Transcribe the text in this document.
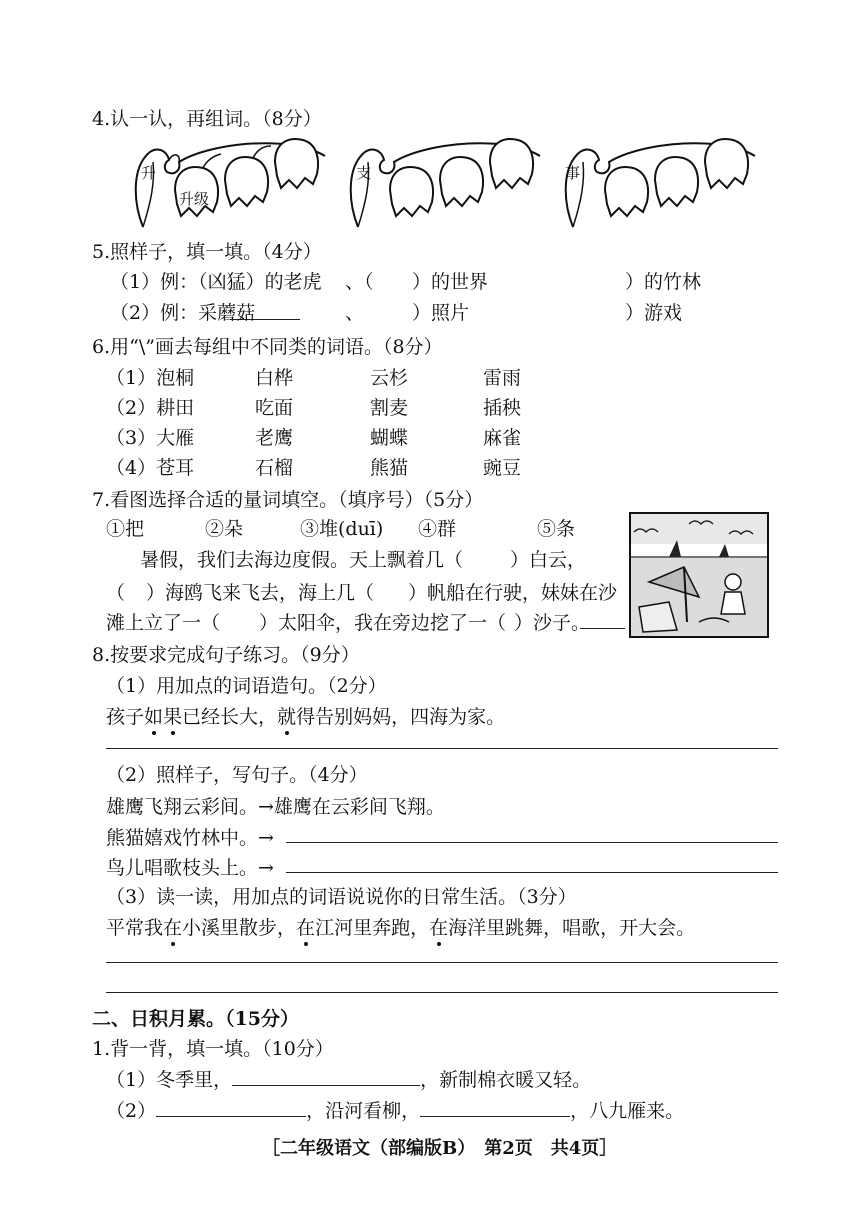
4.认一认，再组词。（8分）
升
升级
支	事
5.照样子，填一填。（4分）
（1）例：（凶猛）的老虎 、（ ）的世界	）的竹林
（2）例：采蘑菇	、	）照片	）游戏
6.用“\”画去每组中不同类的词语。（8分）
（1）泡桐	白桦	云杉	雷雨
（2）耕田	吃面	割麦	插秧
（3）大雁	老鹰	蝴蝶	麻雀
（4）苍耳	石榴	熊猫	豌豆
7.看图选择合适的量词填空。（填序号）（5分）
①把	②朵	③堆(duī) ④群	⑤条
暑假，我们去海边度假。天上飘着几（ ）白云，
（ ）海鸥飞来飞去，海上几（ ）帆船在行驶，妹妹在沙
滩上立了一（ ）太阳伞，我在旁边挖了一（ ）沙子。
8.按要求完成句子练习。（9分）
（1）用加点的词语造句。（2分）
孩子如果已经长大，就得告别妈妈，四海为家。
（2）照样子，写句子。（4分）
雄鹰飞翔云彩间。→雄鹰在云彩间飞翔。
熊猫嬉戏竹林中。→
鸟儿唱歌枝头上。→
（3）读一读，用加点的词语说说你的日常生活。（3分）
平常我在小溪里散步，在江河里奔跑，在海洋里跳舞，唱歌，开大会。
二、日积月累。（15分）
1.背一背，填一填。（10分）
（1）冬季里，	，新制棉衣暖又轻。
（2）	，沿河看柳，	，八九雁来。
［二年级语文（部编版B）　第2页　共4页］
